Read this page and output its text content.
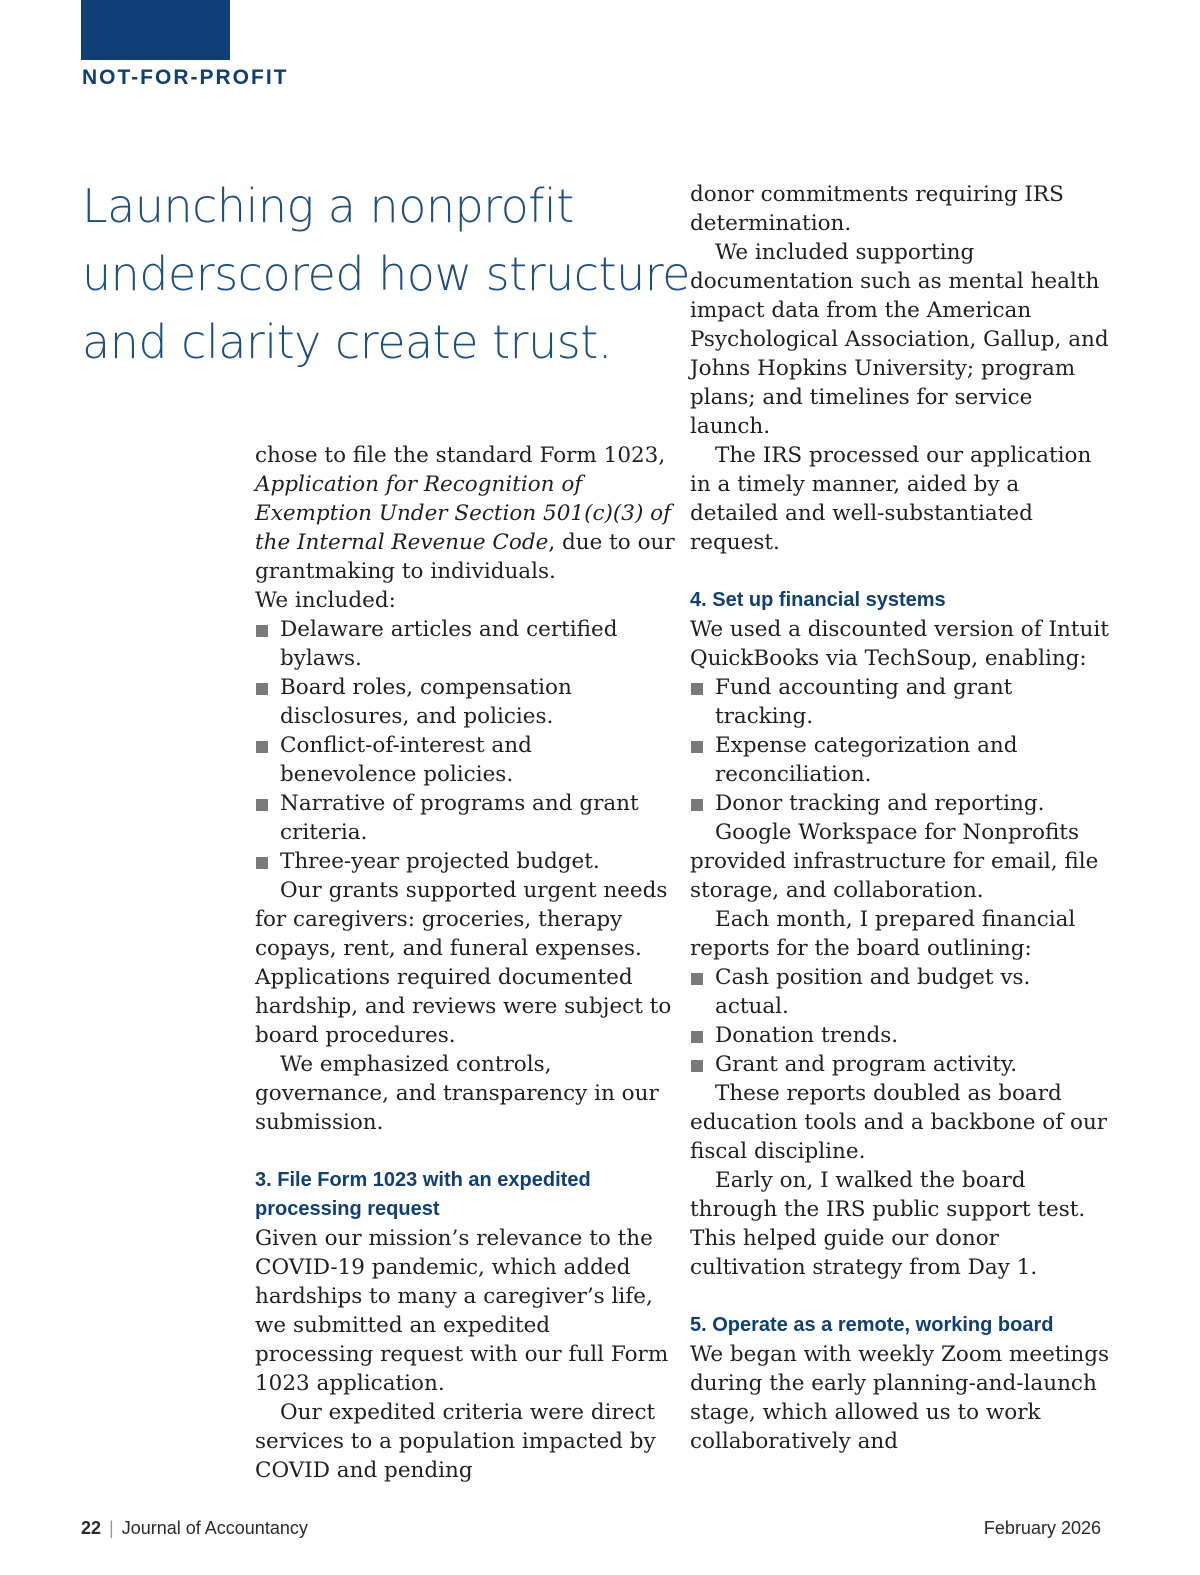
NOT-FOR-PROFIT
Launching a nonprofit
underscored how structure
and clarity create trust.

chose to file the standard Form 1023, Application for Recognition of Exemption Under Section 501(c)(3) of the Internal Revenue Code, due to our grantmaking to individuals.

We included:

Delaware articles and certified bylaws.
Board roles, compensation disclosures, and policies.
Conflict-of-interest and benevolence policies.
Narrative of programs and grant criteria.
Three-year projected budget.

Our grants supported urgent needs for caregivers: groceries, therapy copays, rent, and funeral expenses. Applications required documented hardship, and reviews were subject to board procedures.

We emphasized controls, governance, and transparency in our submission.

3. File Form 1023 with an expedited processing request

Given our mission’s relevance to the COVID-19 pandemic, which added hardships to many a caregiver’s life, we submitted an expedited processing request with our full Form 1023 application.

Our expedited criteria were direct services to a population impacted by COVID and pending

donor commitments requiring IRS determination.

We included supporting documentation such as mental health impact data from the American Psychological Association, Gallup, and Johns Hopkins University; program plans; and timelines for service launch.

The IRS processed our application in a timely manner, aided by a detailed and well-substantiated request.

4. Set up financial systems

We used a discounted version of Intuit QuickBooks via TechSoup, enabling:

Fund accounting and grant tracking.
Expense categorization and reconciliation.
Donor tracking and reporting.

Google Workspace for Nonprofits provided infrastructure for email, file storage, and collaboration.

Each month, I prepared financial reports for the board outlining:

Cash position and budget vs. actual.
Donation trends.
Grant and program activity.

These reports doubled as board education tools and a backbone of our fiscal discipline.

Early on, I walked the board through the IRS public support test. This helped guide our donor cultivation strategy from Day 1.

5. Operate as a remote, working board

We began with weekly Zoom meetings during the early planning-and-launch stage, which allowed us to work collaboratively and

22 | Journal of Accountancy	February 2026
